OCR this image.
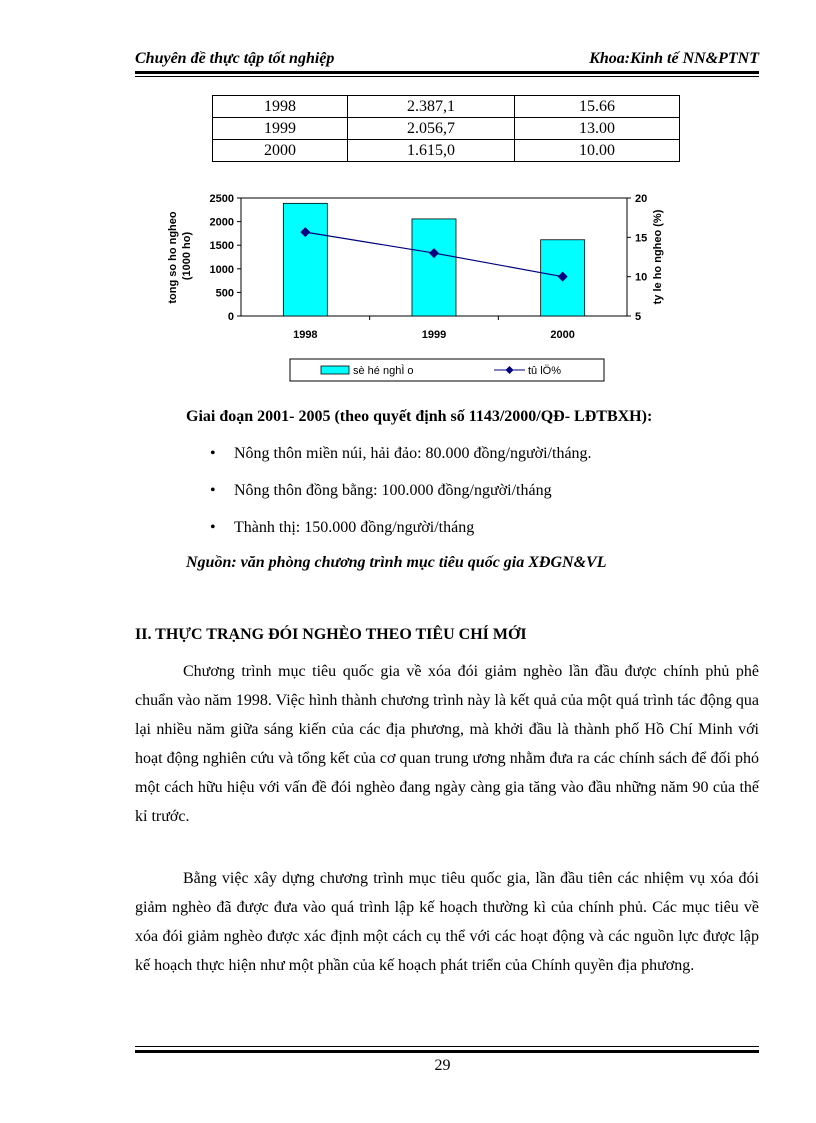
Chuyên đề thực tập tốt nghiệp	Khoa:Kinh tế NN&PTNT
1998	2.387,1	15.66
1999	2.056,7	13.00
2000	1.615,0	10.00
2500
2000
1500
1000
500
0
20
15
10
5
1998	1999	2000
tong so ho ngheo (1000 ho)	ty le ho ngheo (%)
sè hé nghÌ o	tû lÖ%
Giai đoạn 2001- 2005 (theo quyết định số 1143/2000/QĐ- LĐTBXH):
• Nông thôn miền núi, hải đảo: 80.000 đồng/người/tháng.
• Nông thôn đồng bằng: 100.000 đồng/người/tháng
• Thành thị: 150.000 đồng/người/tháng
Nguồn: văn phòng chương trình mục tiêu quốc gia XĐGN&VL
II. THỰC TRẠNG ĐÓI NGHÈO THEO TIÊU CHÍ MỚI

Chương trình mục tiêu quốc gia về xóa đói giảm nghèo lần đầu được chính phủ phê chuẩn vào năm 1998. Việc hình thành chương trình này là kết quả của một quá trình tác động qua lại nhiều năm giữa sáng kiến của các địa phương, mà khởi đầu là thành phố Hồ Chí Minh với hoạt động nghiên cứu và tổng kết của cơ quan trung ương nhằm đưa ra các chính sách để đối phó một cách hữu hiệu với vấn đề đói nghèo đang ngày càng gia tăng vào đầu những năm 90 của thế kỉ trước.

Bằng việc xây dựng chương trình mục tiêu quốc gia, lần đầu tiên các nhiệm vụ xóa đói giảm nghèo đã được đưa vào quá trình lập kế hoạch thường kì của chính phủ. Các mục tiêu về xóa đói giảm nghèo được xác định một cách cụ thể với các hoạt động và các nguồn lực được lập kế hoạch thực hiện như một phần của kế hoạch phát triển của Chính quyền địa phương.

29
